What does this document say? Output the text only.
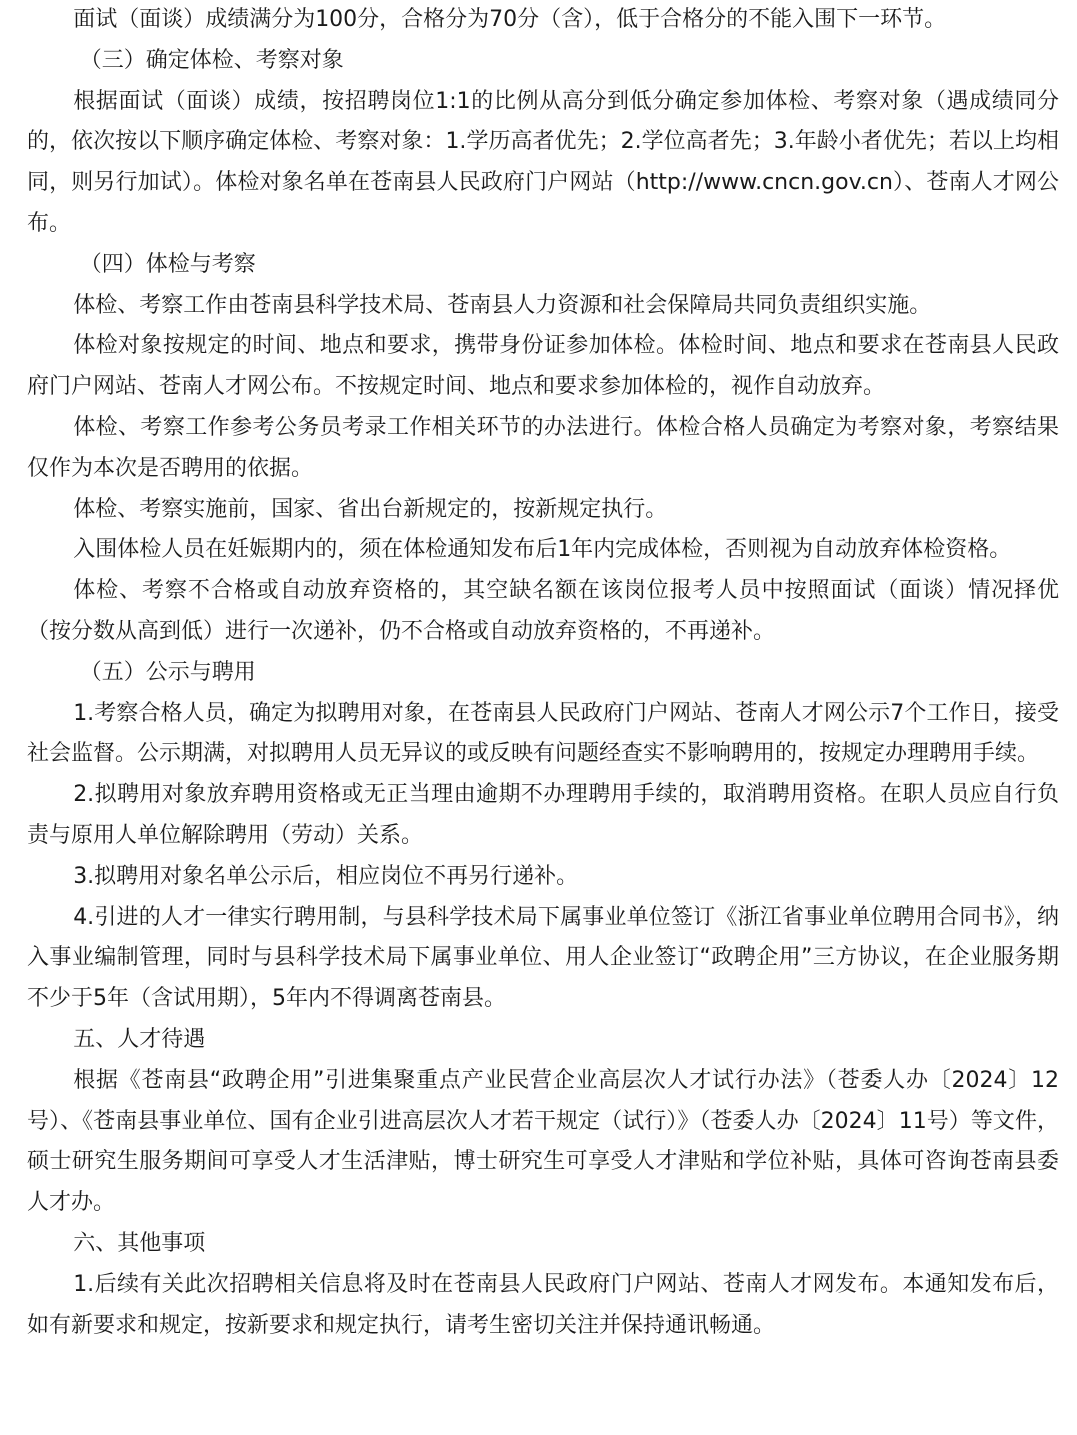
面试（面谈）成绩满分为100分，合格分为70分（含），低于合格分的不能入围下一环节。

（三）确定体检、考察对象

根据面试（面谈）成绩，按招聘岗位1:1的比例从高分到低分确定参加体检、考察对象（遇成绩同分的，依次按以下顺序确定体检、考察对象：1.学历高者优先；2.学位高者先；3.年龄小者优先；若以上均相同，则另行加试）。体检对象名单在苍南县人民政府门户网站（http://www.cncn.gov.cn）、苍南人才网公布。

（四）体检与考察

体检、考察工作由苍南县科学技术局、苍南县人力资源和社会保障局共同负责组织实施。

体检对象按规定的时间、地点和要求，携带身份证参加体检。体检时间、地点和要求在苍南县人民政府门户网站、苍南人才网公布。不按规定时间、地点和要求参加体检的，视作自动放弃。

体检、考察工作参考公务员考录工作相关环节的办法进行。体检合格人员确定为考察对象，考察结果仅作为本次是否聘用的依据。

体检、考察实施前，国家、省出台新规定的，按新规定执行。

入围体检人员在妊娠期内的，须在体检通知发布后1年内完成体检，否则视为自动放弃体检资格。

体检、考察不合格或自动放弃资格的，其空缺名额在该岗位报考人员中按照面试（面谈）情况择优（按分数从高到低）进行一次递补，仍不合格或自动放弃资格的，不再递补。

（五）公示与聘用

1.考察合格人员，确定为拟聘用对象，在苍南县人民政府门户网站、苍南人才网公示7个工作日，接受社会监督。公示期满，对拟聘用人员无异议的或反映有问题经查实不影响聘用的，按规定办理聘用手续。

2.拟聘用对象放弃聘用资格或无正当理由逾期不办理聘用手续的，取消聘用资格。在职人员应自行负责与原用人单位解除聘用（劳动）关系。

3.拟聘用对象名单公示后，相应岗位不再另行递补。

4.引进的人才一律实行聘用制，与县科学技术局下属事业单位签订《浙江省事业单位聘用合同书》，纳入事业编制管理，同时与县科学技术局下属事业单位、用人企业签订“政聘企用”三方协议，在企业服务期不少于5年（含试用期），5年内不得调离苍南县。

五、人才待遇

根据《苍南县“政聘企用”引进集聚重点产业民营企业高层次人才试行办法》（苍委人办〔2024〕12号）、《苍南县事业单位、国有企业引进高层次人才若干规定（试行）》（苍委人办〔2024〕11号）等文件，硕士研究生服务期间可享受人才生活津贴，博士研究生可享受人才津贴和学位补贴，具体可咨询苍南县委人才办。

六、其他事项

1.后续有关此次招聘相关信息将及时在苍南县人民政府门户网站、苍南人才网发布。本通知发布后，如有新要求和规定，按新要求和规定执行，请考生密切关注并保持通讯畅通。
